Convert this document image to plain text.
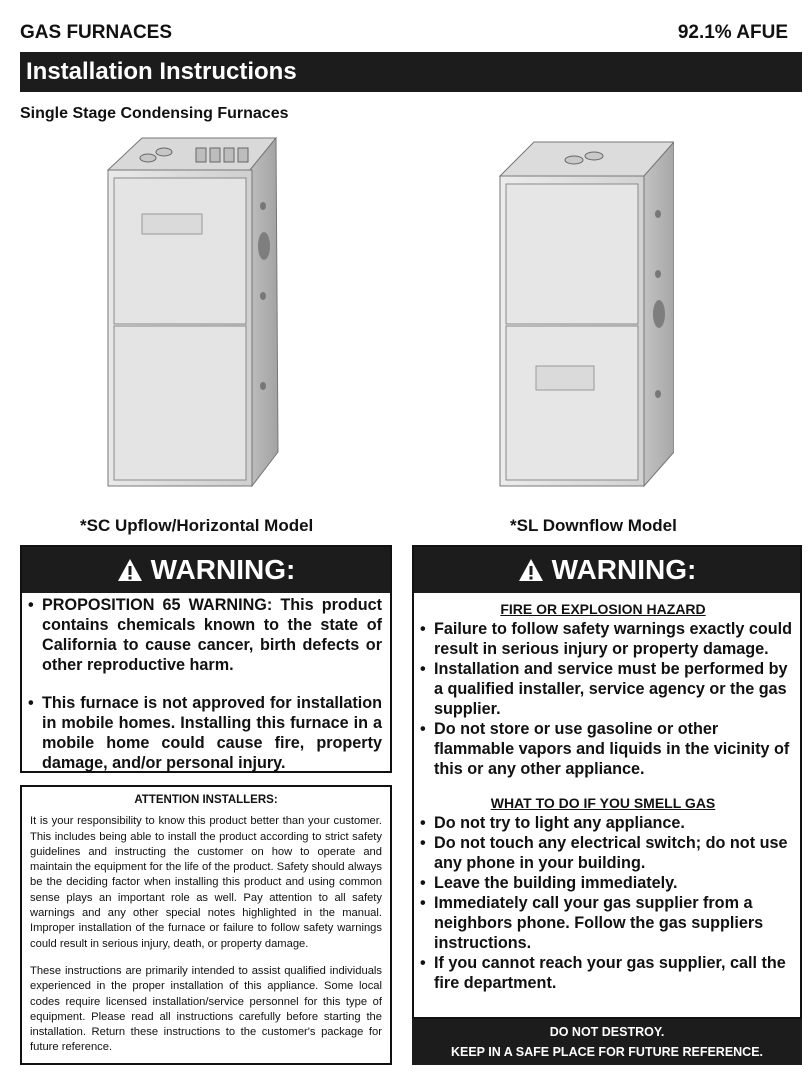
GAS FURNACES	92.1% AFUE
Installation Instructions
Single Stage Condensing Furnaces
*SC Upflow/Horizontal Model	*SL Downflow Model
WARNING:
• PROPOSITION 65 WARNING: This product contains chemicals known to the state of California to cause cancer, birth defects or other reproductive harm.
• This furnace is not approved for installation in mobile homes. Installing this furnace in a mobile home could cause fire, property damage, and/or personal injury.
WARNING:
FIRE OR EXPLOSION HAZARD
• Failure to follow safety warnings exactly could result in serious injury or property damage.
• Installation and service must be performed by a qualified installer, service agency or the gas supplier.
• Do not store or use gasoline or other flammable vapors and liquids in the vicinity of this or any other appliance.
WHAT TO DO IF YOU SMELL GAS
• Do not try to light any appliance.
• Do not touch any electrical switch; do not use any phone in your building.
• Leave the building immediately.
• Immediately call your gas supplier from a neighbors phone. Follow the gas suppliers instructions.
• If you cannot reach your gas supplier, call the fire department.
ATTENTION INSTALLERS:

It is your responsibility to know this product better than your customer. This includes being able to install the product according to strict safety guidelines and instructing the customer on how to operate and maintain the equipment for the life of the product. Safety should always be the deciding factor when installing this product and using common sense plays an important role as well. Pay attention to all safety warnings and any other special notes highlighted in the manual. Improper installation of the furnace or failure to follow safety warnings could result in serious injury, death, or property damage.

These instructions are primarily intended to assist qualified individuals experienced in the proper installation of this appliance. Some local codes require licensed installation/service personnel for this type of equipment. Please read all instructions carefully before starting the installation. Return these instructions to the customer's package for future reference.

DO NOT DESTROY.
KEEP IN A SAFE PLACE FOR FUTURE REFERENCE.
